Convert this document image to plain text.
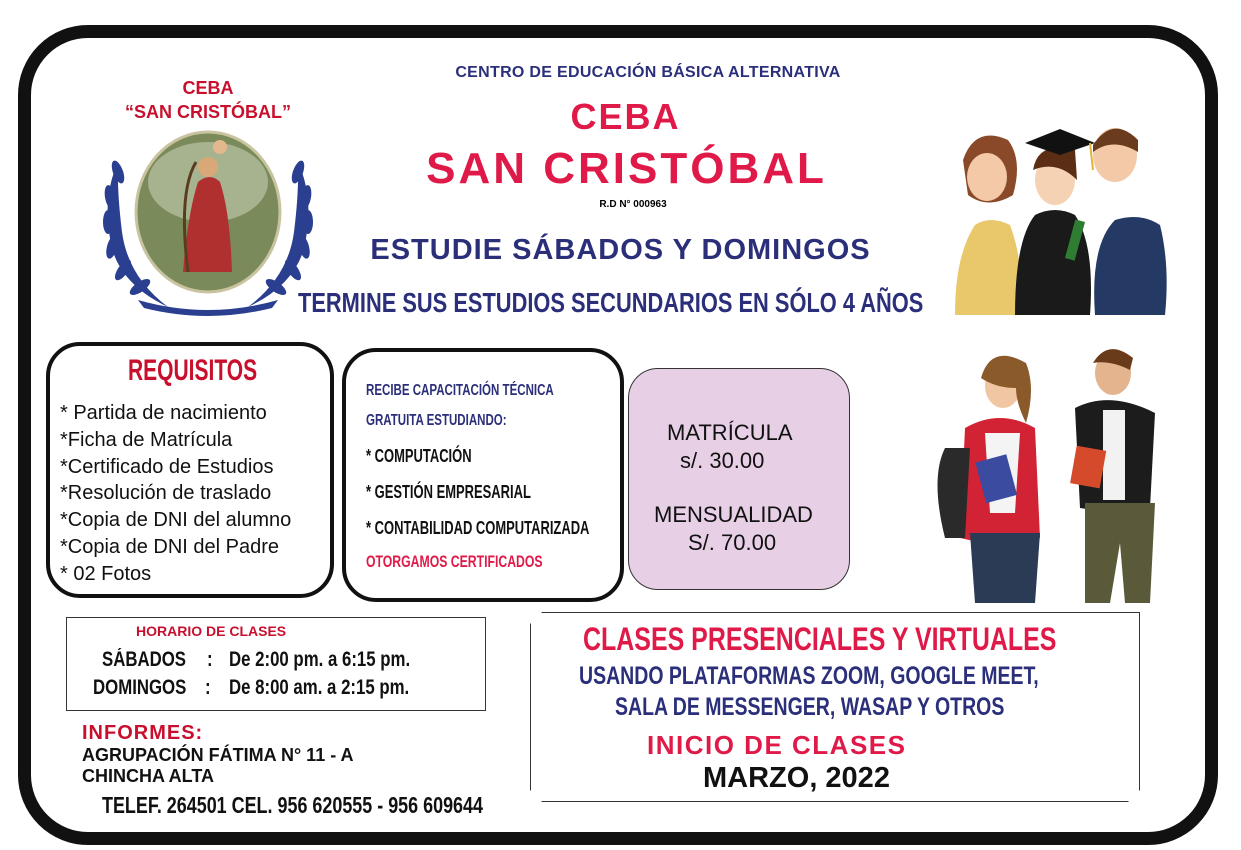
CEBA
“SAN CRISTÓBAL”
CENTRO DE EDUCACIÓN BÁSICA ALTERNATIVA
CEBA
SAN CRISTÓBAL
R.D N° 000963
ESTUDIE SÁBADOS Y DOMINGOS
TERMINE SUS ESTUDIOS SECUNDARIOS EN SÓLO 4 AÑOS
REQUISITOS
* Partida de nacimiento
*Ficha de Matrícula
*Certificado de Estudios
*Resolución de traslado
*Copia de DNI del alumno
*Copia de DNI del Padre
* 02 Fotos
RECIBE CAPACITACIÓN TÉCNICA
GRATUITA ESTUDIANDO:
* COMPUTACIÓN
* GESTIÓN EMPRESARIAL
* CONTABILIDAD COMPUTARIZADA
OTORGAMOS CERTIFICADOS
MATRÍCULA
s/. 30.00
MENSUALIDAD
S/. 70.00
HORARIO DE CLASES
SÁBADOS : De 2:00 pm. a 6:15 pm.
DOMINGOS : De 8:00 am. a 2:15 pm.
INFORMES:
AGRUPACIÓN FÁTIMA N° 11 - A
CHINCHA ALTA
TELEF. 264501 CEL. 956 620555 - 956 609644
CLASES PRESENCIALES Y VIRTUALES
USANDO PLATAFORMAS ZOOM, GOOGLE MEET,
SALA DE MESSENGER, WASAP Y OTROS
INICIO DE CLASES
MARZO, 2022
